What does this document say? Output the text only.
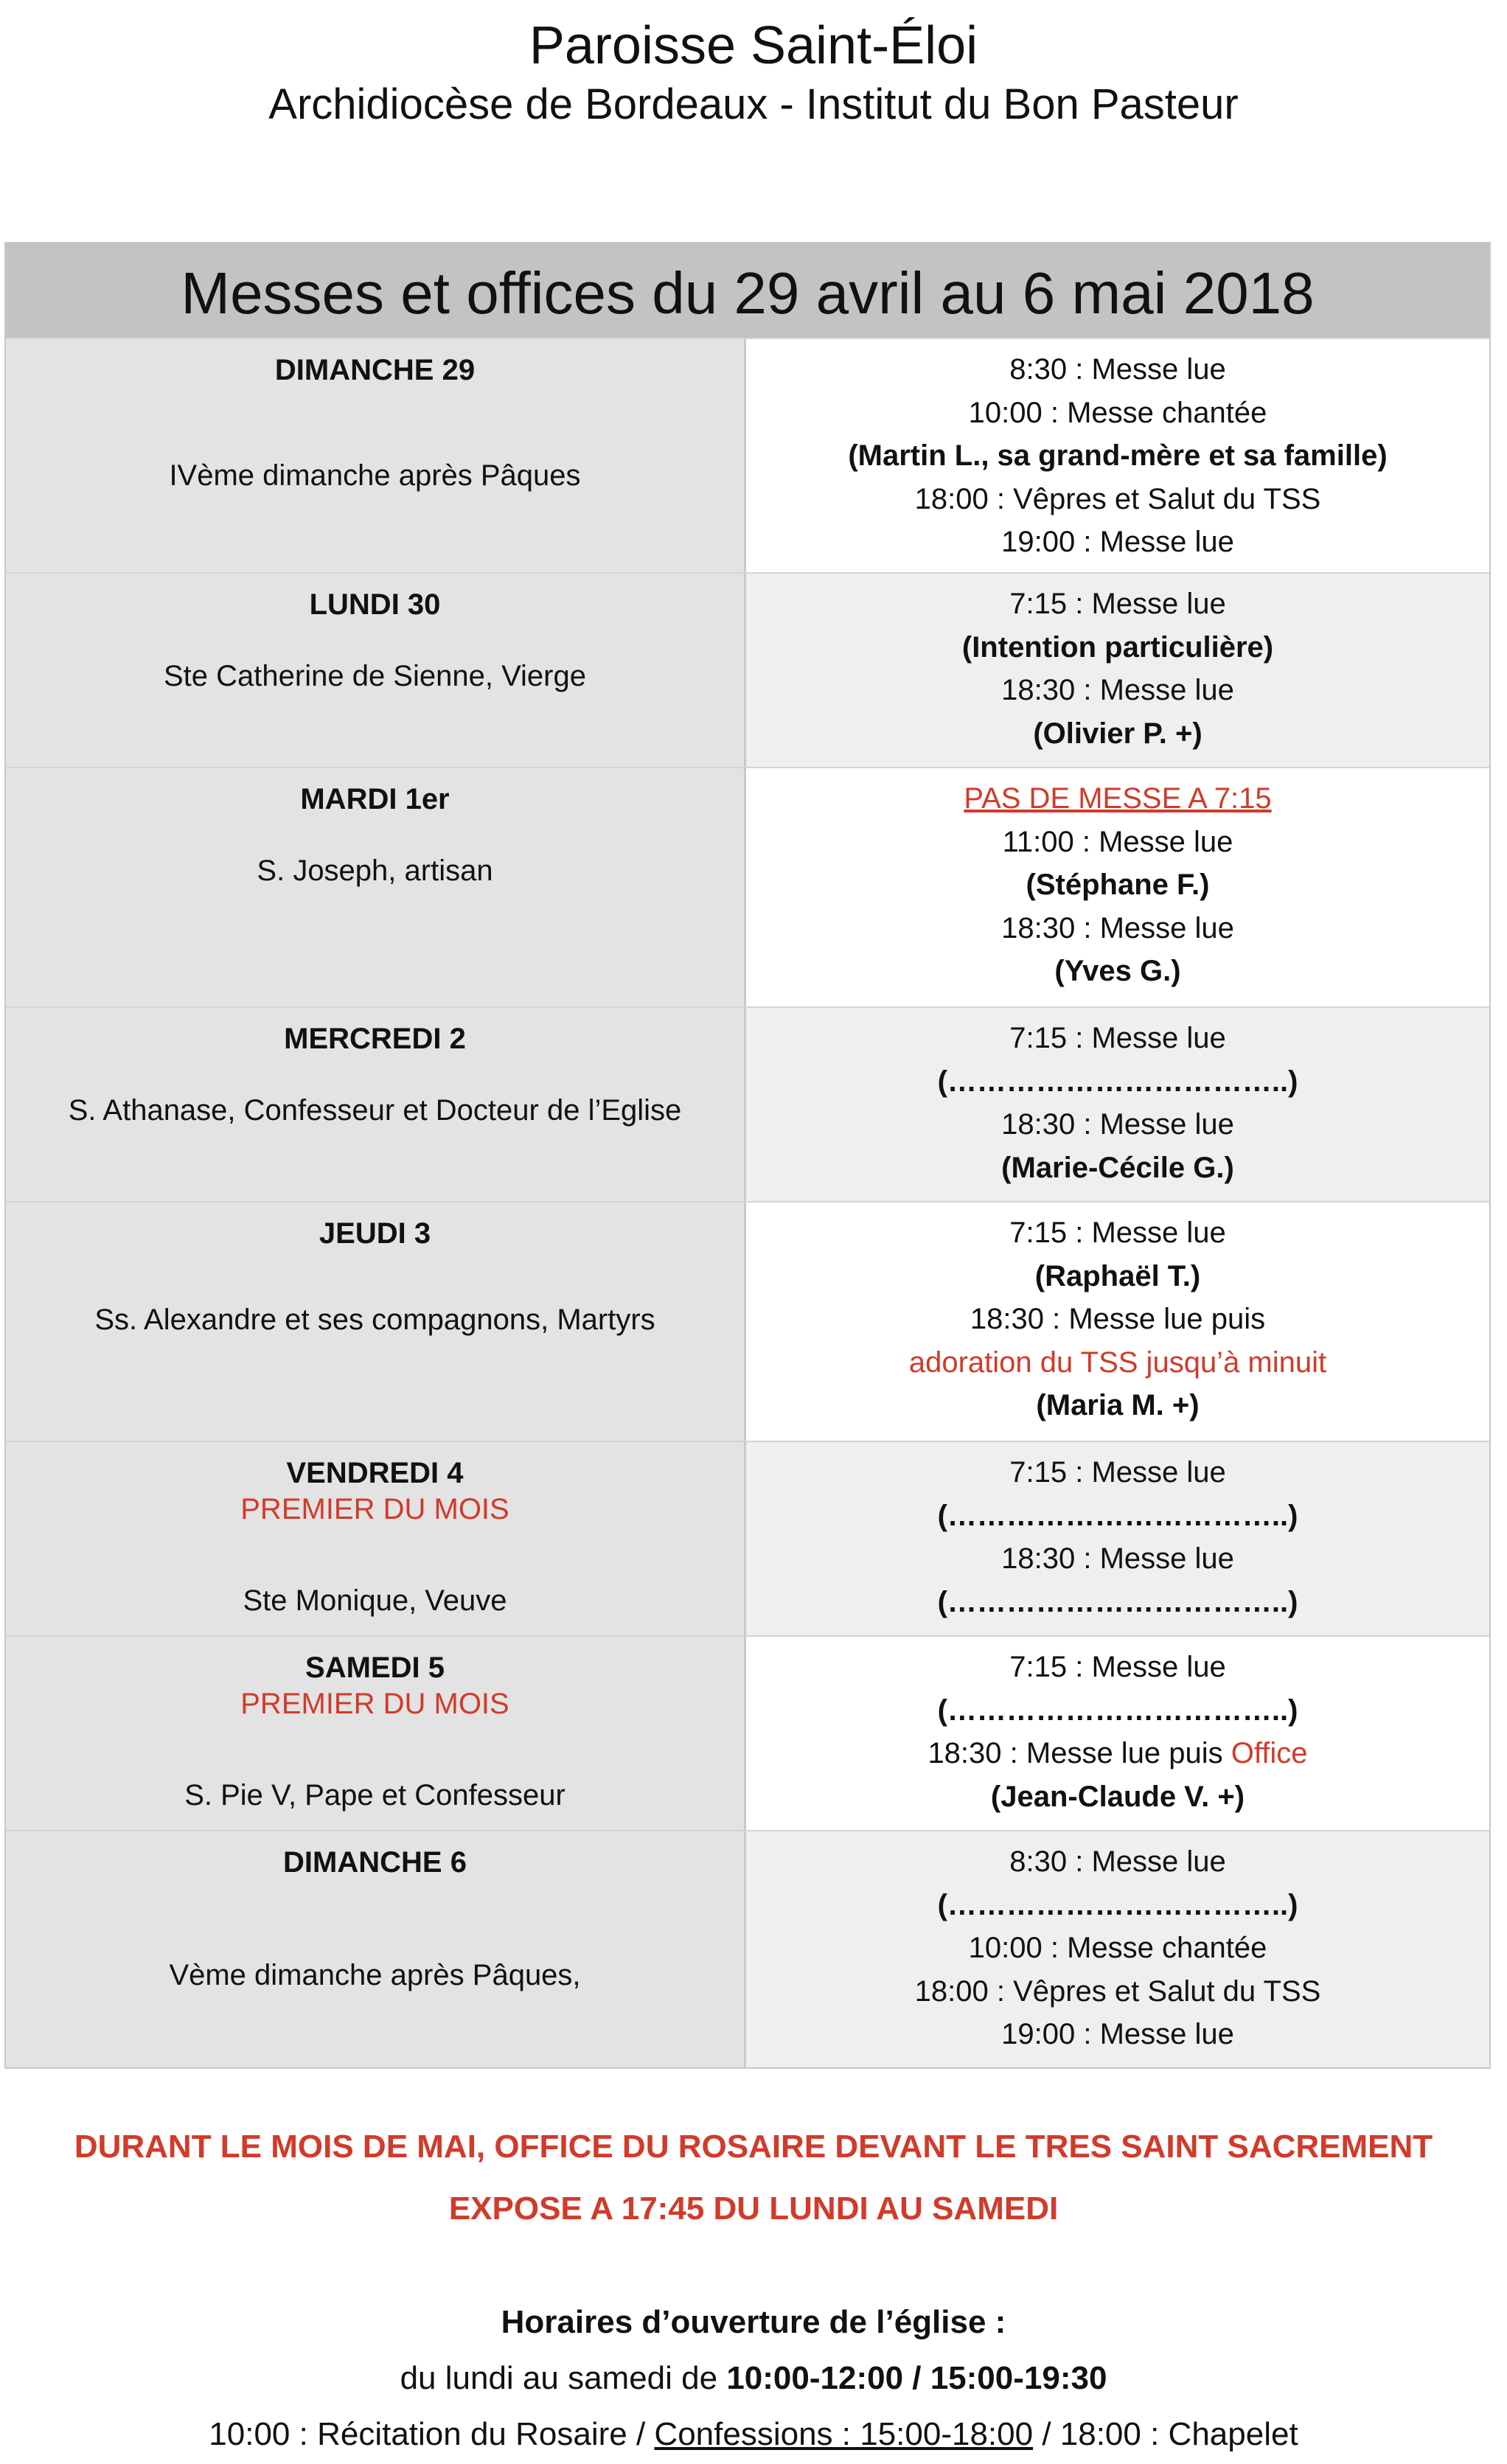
Paroisse Saint-Éloi
Archidiocèse de Bordeaux - Institut du Bon Pasteur
Messes et offices du 29 avril au 6 mai 2018
DIMANCHE 29
IVème dimanche après Pâques
8:30 : Messe lue
10:00 : Messe chantée
(Martin L., sa grand-mère et sa famille)
18:00 : Vêpres et Salut du TSS
19:00 : Messe lue
LUNDI 30
Ste Catherine de Sienne, Vierge
7:15 : Messe lue
(Intention particulière)
18:30 : Messe lue
(Olivier P. +)
MARDI 1er
S. Joseph, artisan
PAS DE MESSE A 7:15
11:00 : Messe lue
(Stéphane F.)
18:30 : Messe lue
(Yves G.)
MERCREDI 2
S. Athanase, Confesseur et Docteur de l’Eglise
7:15 : Messe lue
(……………………………..)
18:30 : Messe lue
(Marie-Cécile G.)
JEUDI 3
Ss. Alexandre et ses compagnons, Martyrs
7:15 : Messe lue
(Raphaël T.)
18:30 : Messe lue puis
adoration du TSS jusqu’à minuit
(Maria M. +)
VENDREDI 4
PREMIER DU MOIS
Ste Monique, Veuve
7:15 : Messe lue
(……………………………..)
18:30 : Messe lue
(……………………………..)
SAMEDI 5
PREMIER DU MOIS
S. Pie V, Pape et Confesseur
7:15 : Messe lue
(……………………………..)
18:30 : Messe lue puis Office
(Jean-Claude V. +)
DIMANCHE 6
Vème dimanche après Pâques,
8:30 : Messe lue
(……………………………..)
10:00 : Messe chantée
18:00 : Vêpres et Salut du TSS
19:00 : Messe lue
DURANT LE MOIS DE MAI, OFFICE DU ROSAIRE DEVANT LE TRES SAINT SACREMENT
EXPOSE A 17:45 DU LUNDI AU SAMEDI
Horaires d’ouverture de l’église :
du lundi au samedi de 10:00-12:00 / 15:00-19:30
10:00 : Récitation du Rosaire / Confessions : 15:00-18:00 / 18:00 : Chapelet
